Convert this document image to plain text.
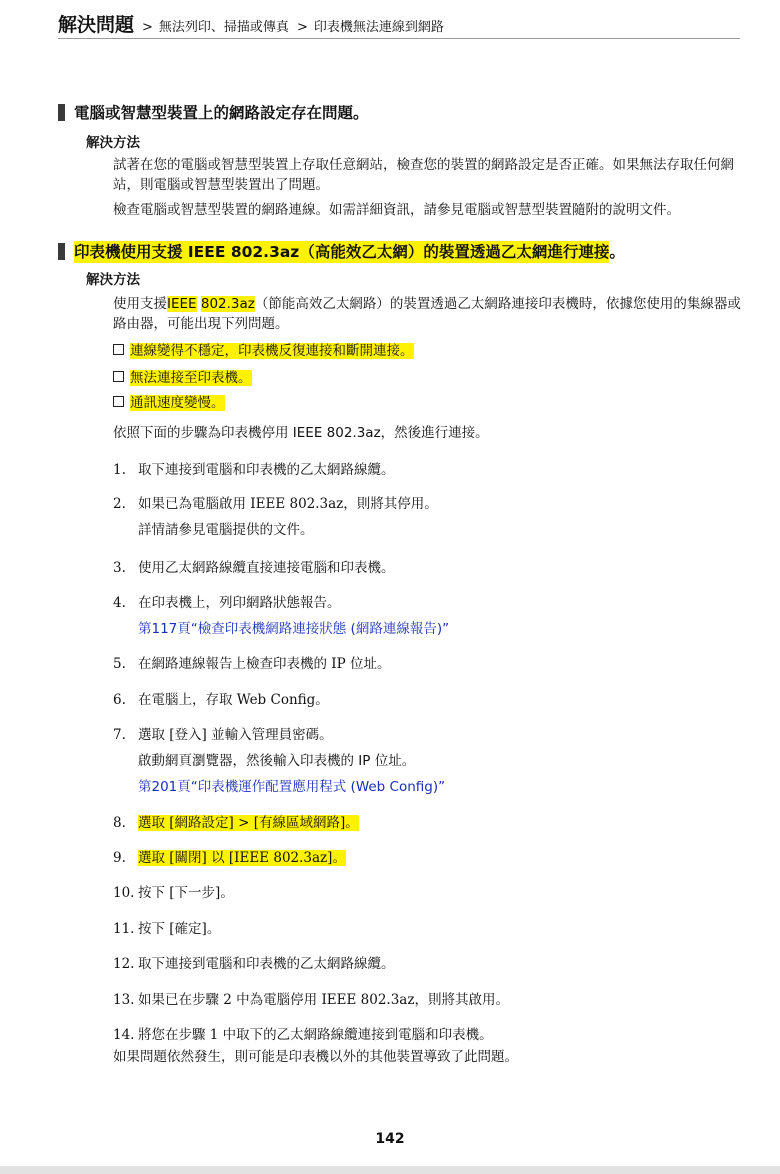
解決問題 > 無法列印、掃描或傳真 > 印表機無法連線到網路
電腦或智慧型裝置上的網路設定存在問題。
解決方法
試著在您的電腦或智慧型裝置上存取任意網站，檢查您的裝置的網路設定是否正確。如果無法存取任何網站，則電腦或智慧型裝置出了問題。
檢查電腦或智慧型裝置的網路連線。如需詳細資訊，請參見電腦或智慧型裝置隨附的說明文件。
印表機使用支援 IEEE 802.3az（高能效乙太網）的裝置透過乙太網進行連接。
解決方法
使用支援IEEE 802.3az（節能高效乙太網路）的裝置透過乙太網路連接印表機時，依據您使用的集線器或路由器，可能出現下列問題。
連線變得不穩定，印表機反復連接和斷開連接。
無法連接至印表機。
通訊速度變慢。
依照下面的步驟為印表機停用 IEEE 802.3az，然後進行連接。
1. 取下連接到電腦和印表機的乙太網路線纜。
2. 如果已為電腦啟用 IEEE 802.3az，則將其停用。
詳情請參見電腦提供的文件。
3. 使用乙太網路線纜直接連接電腦和印表機。
4. 在印表機上，列印網路狀態報告。
第117頁“檢查印表機網路連接狀態 (網路連線報告)”
5. 在網路連線報告上檢查印表機的 IP 位址。
6. 在電腦上，存取 Web Config。
7. 選取 [登入] 並輸入管理員密碼。
啟動網頁瀏覽器，然後輸入印表機的 IP 位址。
第201頁“印表機運作配置應用程式 (Web Config)”
8. 選取 [網路設定] > [有線區域網路]。
9. 選取 [關閉] 以 [IEEE 802.3az]。
10. 按下 [下一步]。
11. 按下 [確定]。
12. 取下連接到電腦和印表機的乙太網路線纜。
13. 如果已在步驟 2 中為電腦停用 IEEE 802.3az，則將其啟用。
14. 將您在步驟 1 中取下的乙太網路線纜連接到電腦和印表機。
如果問題依然發生，則可能是印表機以外的其他裝置導致了此問題。
142
